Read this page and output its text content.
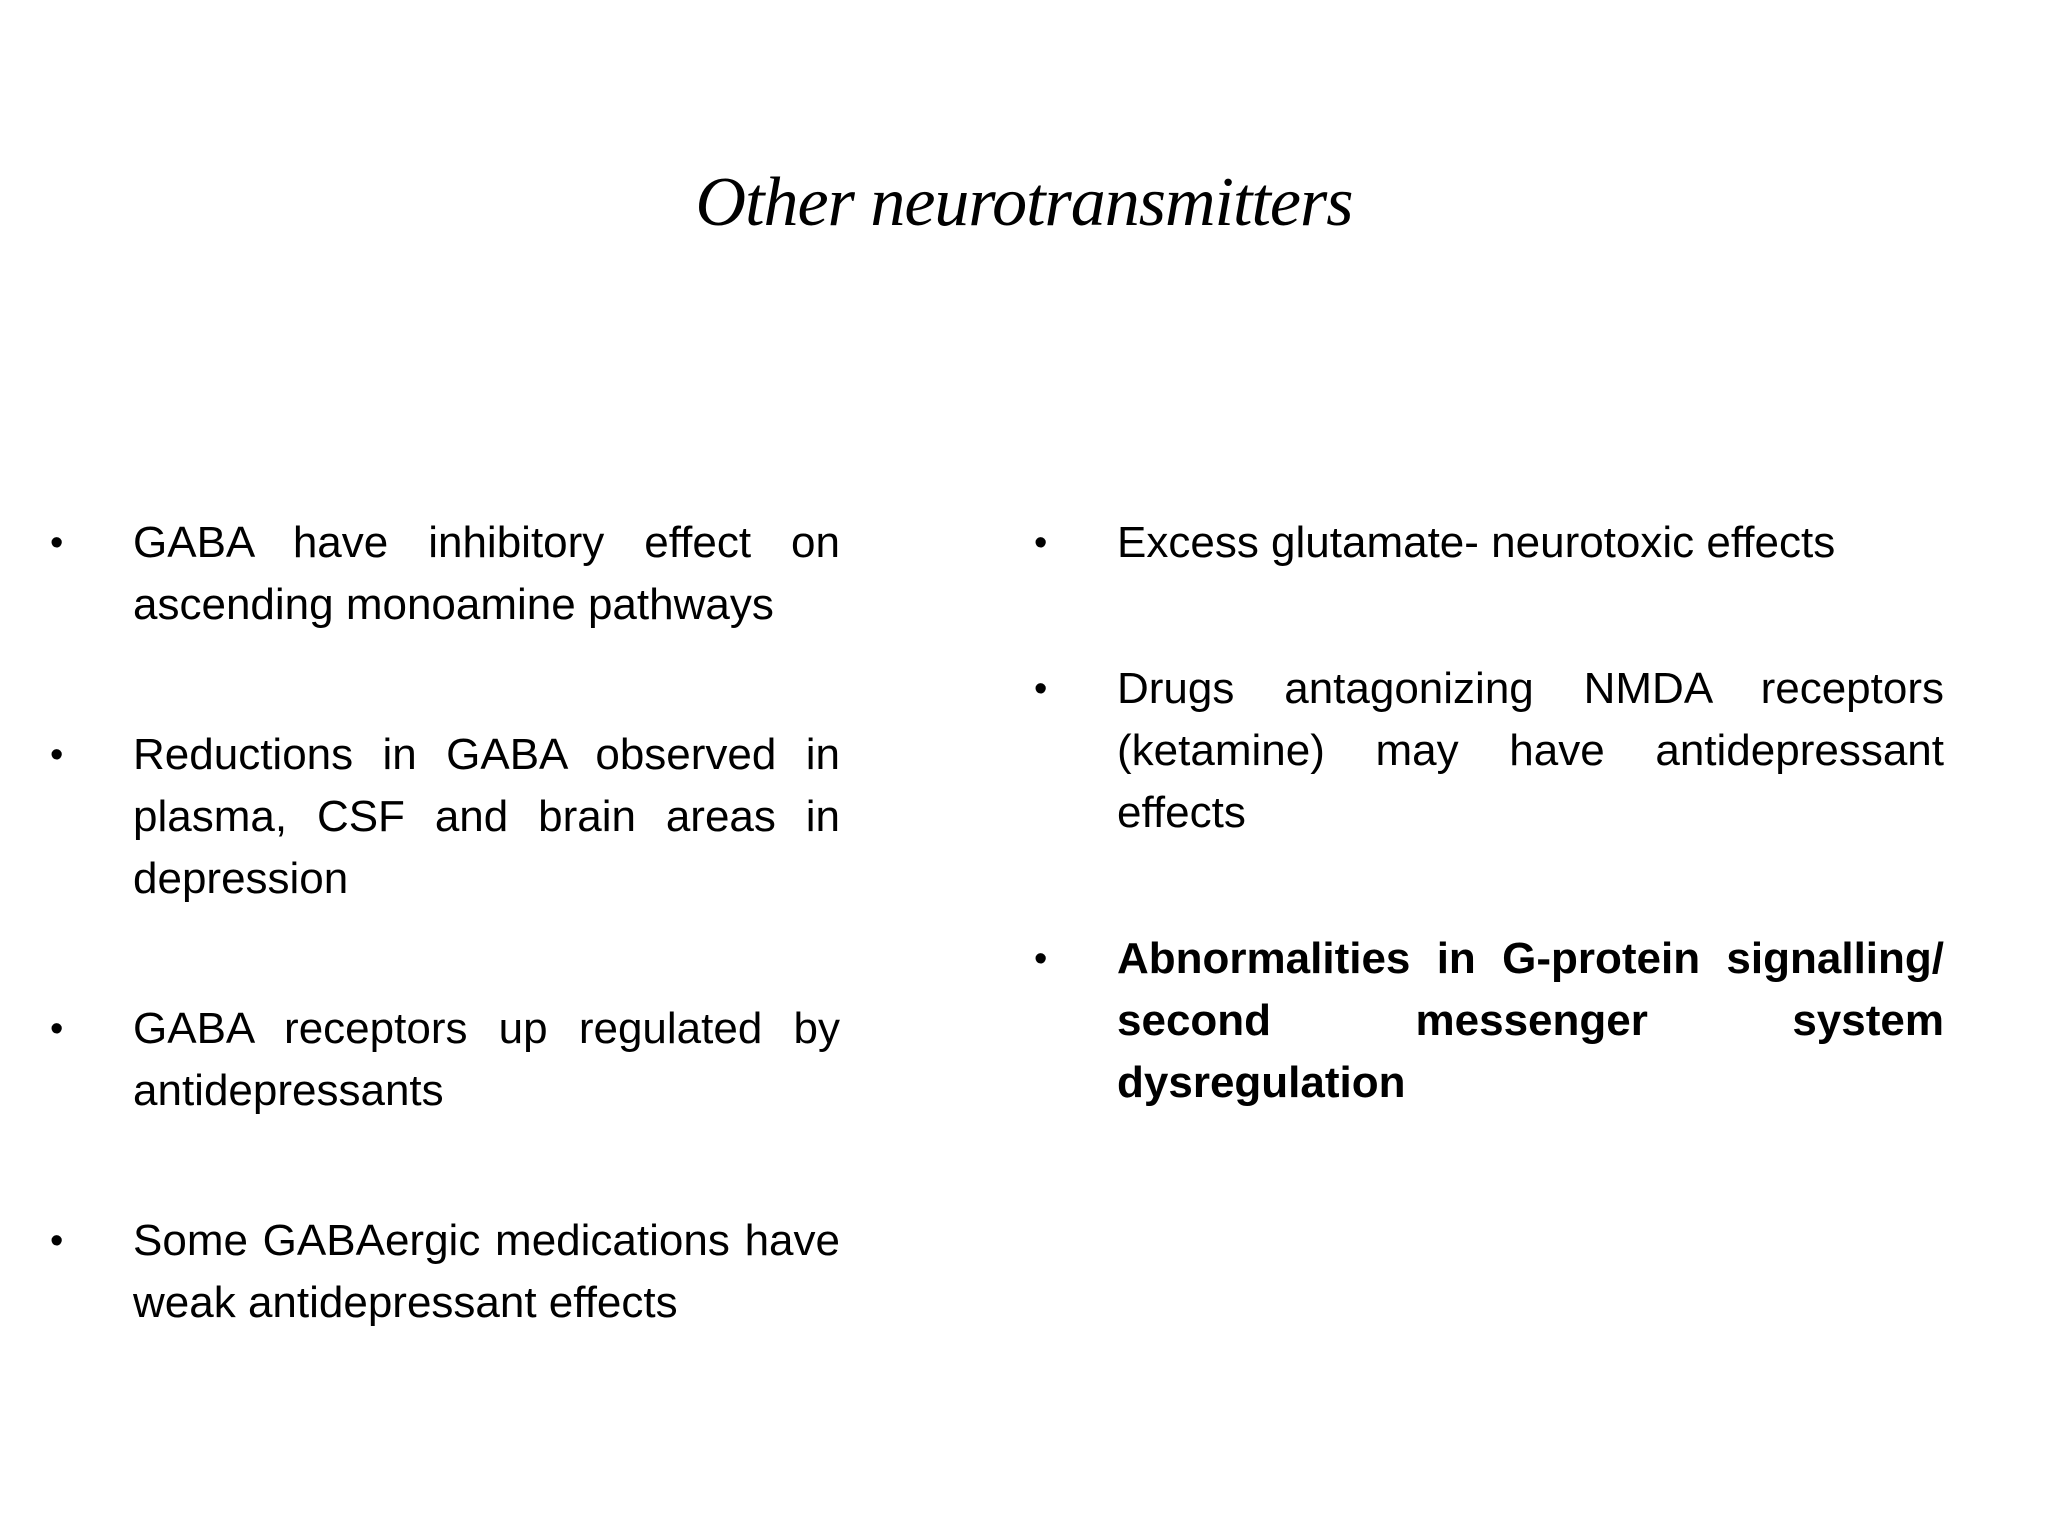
Other neurotransmitters
•	GABA have inhibitory effect on ascending monoamine pathways
•	Reductions in GABA observed in plasma, CSF and brain areas in depression
•	GABA receptors up regulated by antidepressants
•	Some GABAergic medications have weak antidepressant effects
•	Excess glutamate- neurotoxic effects
•	Drugs antagonizing NMDA receptors (ketamine) may have antidepressant effects
•	Abnormalities in G-protein signalling/ second messenger system dysregulation
